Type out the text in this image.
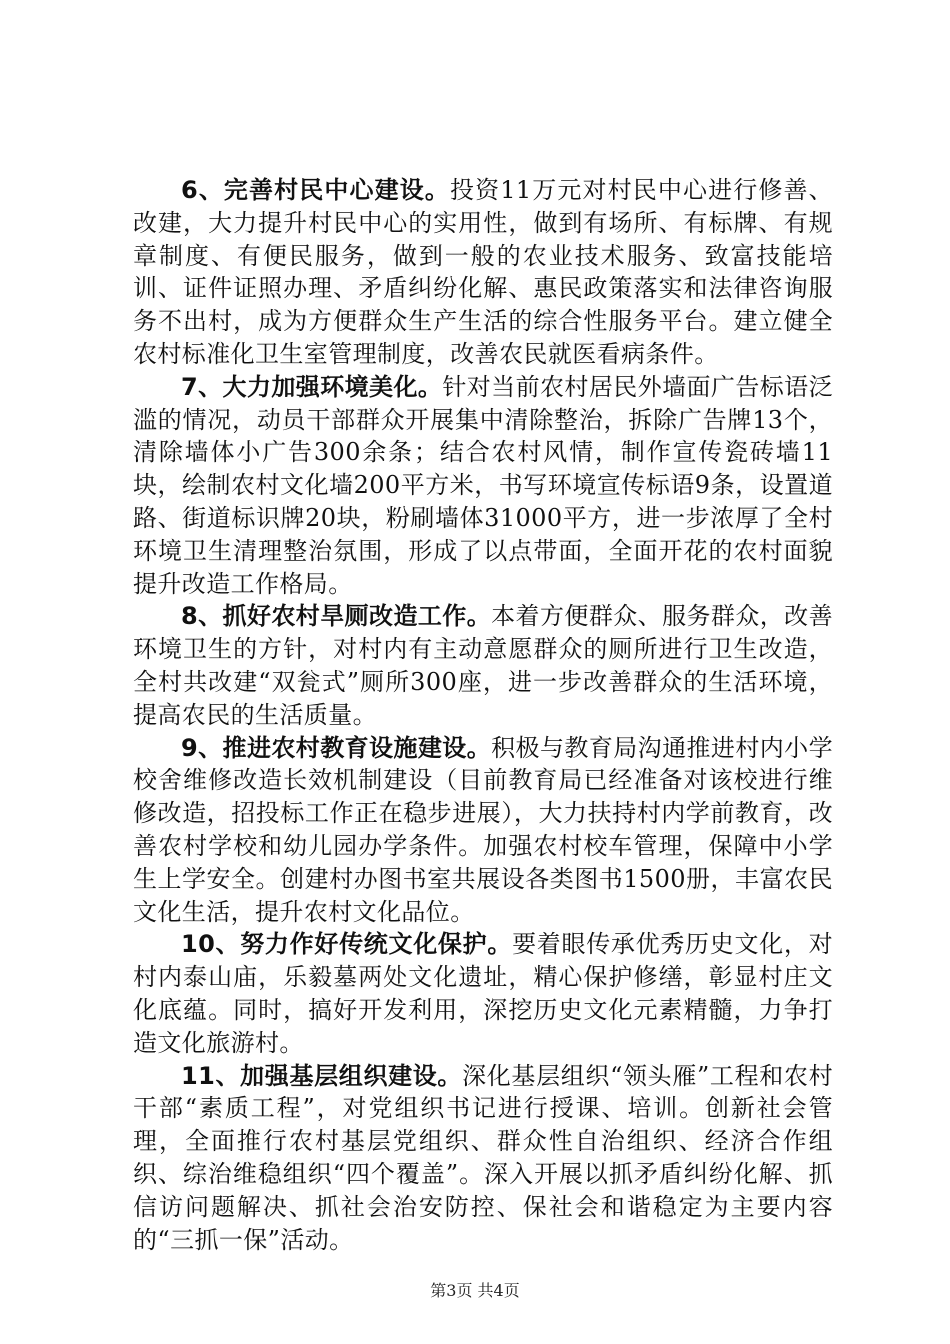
6、完善村民中心建设。投资11万元对村民中心进行修善、改建，大力提升村民中心的实用性，做到有场所、有标牌、有规章制度、有便民服务，做到一般的农业技术服务、致富技能培训、证件证照办理、矛盾纠纷化解、惠民政策落实和法律咨询服务不出村，成为方便群众生产生活的综合性服务平台。建立健全农村标准化卫生室管理制度，改善农民就医看病条件。

7、大力加强环境美化。针对当前农村居民外墙面广告标语泛滥的情况，动员干部群众开展集中清除整治，拆除广告牌13个，清除墙体小广告300余条；结合农村风情，制作宣传瓷砖墙11块，绘制农村文化墙200平方米，书写环境宣传标语9条，设置道路、街道标识牌20块，粉刷墙体31000平方，进一步浓厚了全村环境卫生清理整治氛围，形成了以点带面，全面开花的农村面貌提升改造工作格局。

8、抓好农村旱厕改造工作。本着方便群众、服务群众，改善环境卫生的方针，对村内有主动意愿群众的厕所进行卫生改造，全村共改建“双瓮式”厕所300座，进一步改善群众的生活环境，提高农民的生活质量。

9、推进农村教育设施建设。积极与教育局沟通推进村内小学校舍维修改造长效机制建设（目前教育局已经准备对该校进行维修改造，招投标工作正在稳步进展），大力扶持村内学前教育，改善农村学校和幼儿园办学条件。加强农村校车管理，保障中小学生上学安全。创建村办图书室共展设各类图书1500册，丰富农民文化生活，提升农村文化品位。

10、努力作好传统文化保护。要着眼传承优秀历史文化，对村内泰山庙，乐毅墓两处文化遗址，精心保护修缮，彰显村庄文化底蕴。同时，搞好开发利用，深挖历史文化元素精髓，力争打造文化旅游村。

11、加强基层组织建设。深化基层组织“领头雁”工程和农村干部“素质工程”，对党组织书记进行授课、培训。创新社会管理，全面推行农村基层党组织、群众性自治组织、经济合作组织、综治维稳组织“四个覆盖”。深入开展以抓矛盾纠纷化解、抓信访问题解决、抓社会治安防控、保社会和谐稳定为主要内容的“三抓一保”活动。

第3页 共4页
